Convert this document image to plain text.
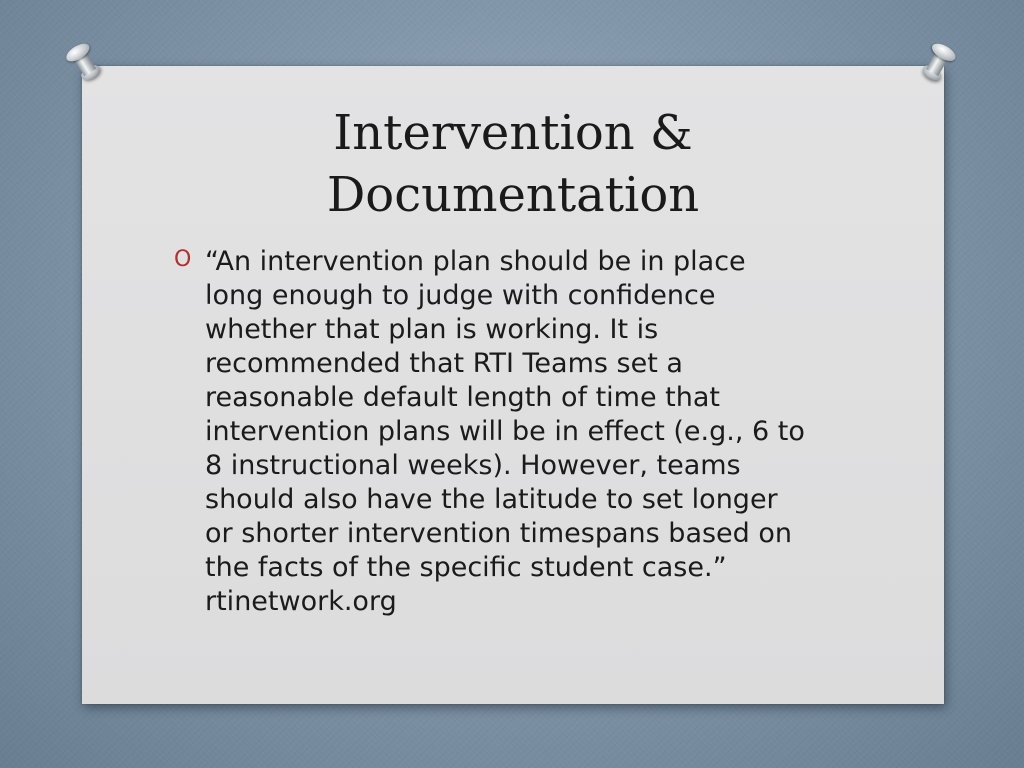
Intervention &
Documentation
O “An intervention plan should be in place
long enough to judge with confidence
whether that plan is working. It is
recommended that RTI Teams set a
reasonable default length of time that
intervention plans will be in effect (e.g., 6 to
8 instructional weeks). However, teams
should also have the latitude to set longer
or shorter intervention timespans based on
the facts of the specific student case.”
rtinetwork.org
